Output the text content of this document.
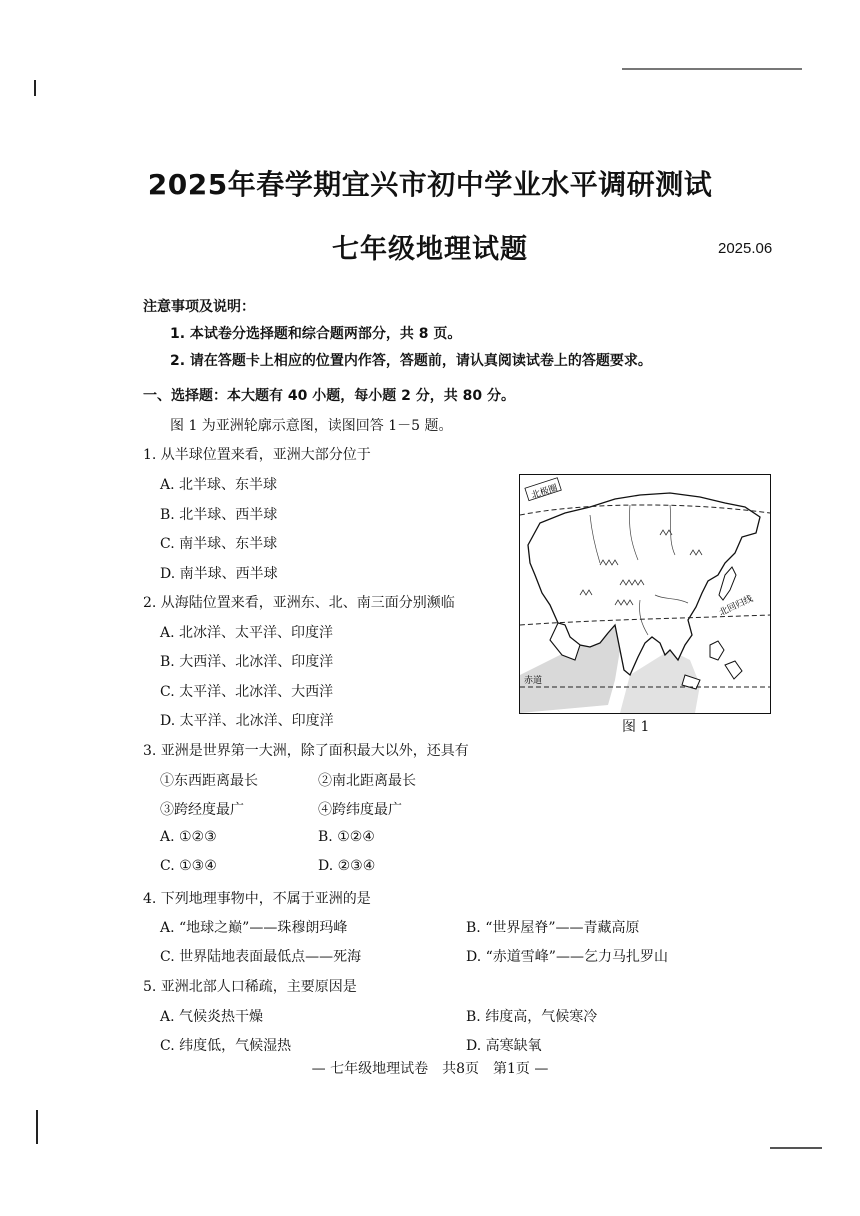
2025年春学期宜兴市初中学业水平调研测试
七年级地理试题	2025.06
注意事项及说明：
1. 本试卷分选择题和综合题两部分，共 8 页。
2. 请在答题卡上相应的位置内作答，答题前，请认真阅读试卷上的答题要求。
一、选择题：本大题有 40 小题，每小题 2 分，共 80 分。
图 1 为亚洲轮廓示意图，读图回答 1－5 题。
1. 从半球位置来看，亚洲大部分位于
A. 北半球、东半球
B. 北半球、西半球
C. 南半球、东半球
D. 南半球、西半球
2. 从海陆位置来看，亚洲东、北、南三面分别濒临
A. 北冰洋、太平洋、印度洋
B. 大西洋、北冰洋、印度洋
C. 太平洋、北冰洋、大西洋
D. 太平洋、北冰洋、印度洋
北极圈
北回归线
赤道
图 1
3. 亚洲是世界第一大洲，除了面积最大以外，还具有
①东西距离最长	②南北距离最长
③跨经度最广	④跨纬度最广
A. ①②③	B. ①②④
C. ①③④	D. ②③④
4. 下列地理事物中，不属于亚洲的是
A. “地球之巅”——珠穆朗玛峰	B. “世界屋脊”——青藏高原
C. 世界陆地表面最低点——死海	D. “赤道雪峰”——乞力马扎罗山
5. 亚洲北部人口稀疏，主要原因是
A. 气候炎热干燥	B. 纬度高，气候寒冷
C. 纬度低，气候湿热	D. 高寒缺氧
— 七年级地理试卷　共8页　第1页 —
